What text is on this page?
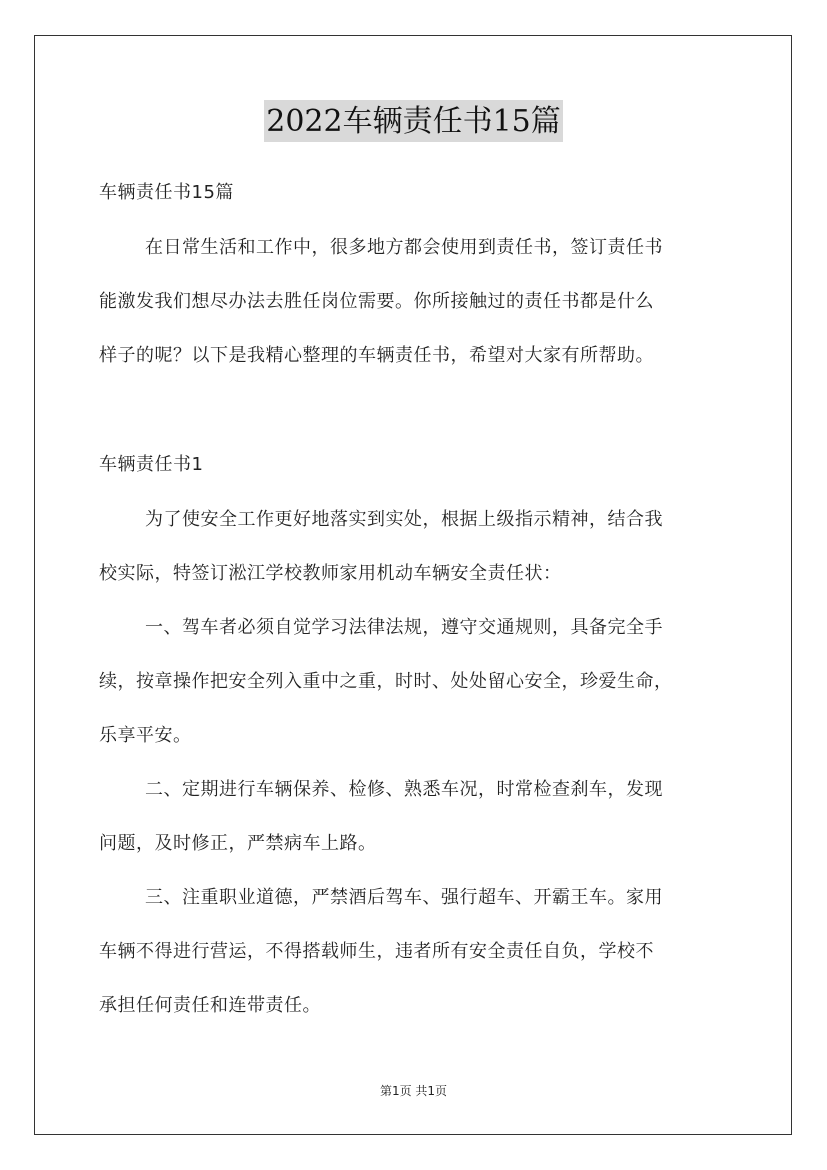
2022车辆责任书15篇
车辆责任书15篇
在日常生活和工作中，很多地方都会使用到责任书，签订责任书
能激发我们想尽办法去胜任岗位需要。你所接触过的责任书都是什么
样子的呢？以下是我精心整理的车辆责任书，希望对大家有所帮助。
车辆责任书1
为了使安全工作更好地落实到实处，根据上级指示精神，结合我
校实际，特签订淞江学校教师家用机动车辆安全责任状：
一、驾车者必须自觉学习法律法规，遵守交通规则，具备完全手
续，按章操作把安全列入重中之重，时时、处处留心安全，珍爱生命，
乐享平安。
二、定期进行车辆保养、检修、熟悉车况，时常检查刹车，发现
问题，及时修正，严禁病车上路。
三、注重职业道德，严禁酒后驾车、强行超车、开霸王车。家用
车辆不得进行营运，不得搭载师生，违者所有安全责任自负，学校不
承担任何责任和连带责任。
第1页 共1页
